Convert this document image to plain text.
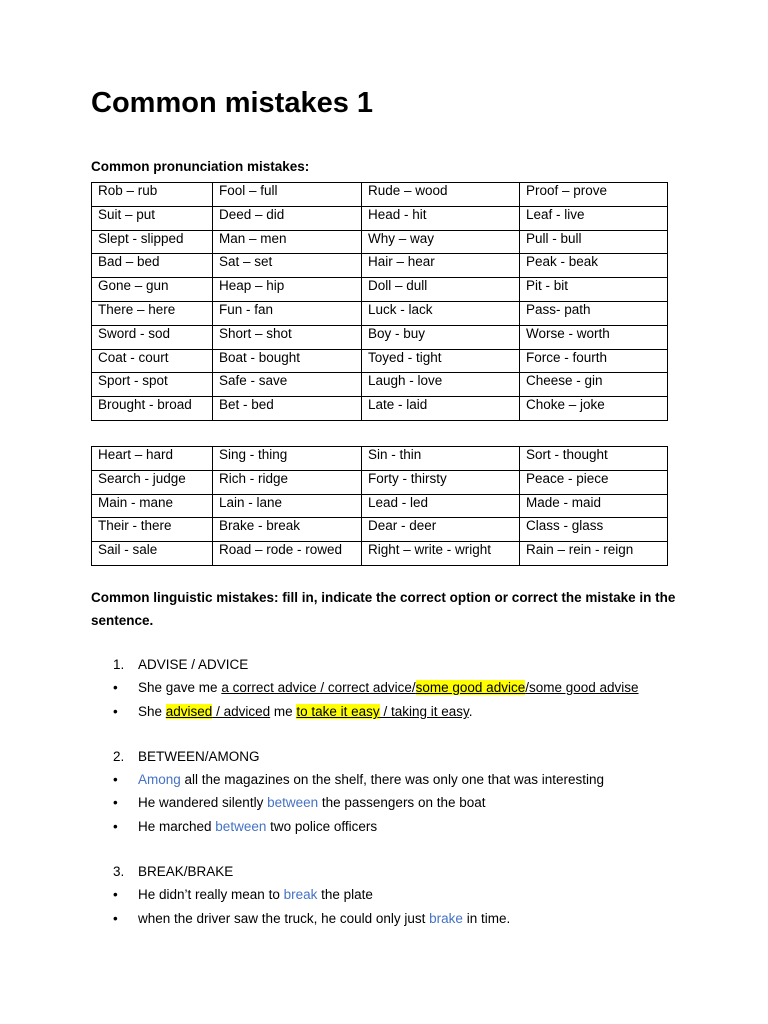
Common mistakes 1
Common pronunciation mistakes:
Rob – rub	Fool – full	Rude – wood	Proof – prove
Suit – put	Deed – did	Head - hit	Leaf - live
Slept - slipped	Man – men	Why – way	Pull - bull
Bad – bed	Sat – set	Hair – hear	Peak - beak
Gone – gun	Heap – hip	Doll – dull	Pit - bit
There – here	Fun - fan	Luck - lack	Pass- path
Sword - sod	Short – shot	Boy - buy	Worse - worth
Coat - court	Boat - bought	Toyed - tight	Force - fourth
Sport - spot	Safe - save	Laugh - love	Cheese - gin
Brought - broad	Bet - bed	Late - laid	Choke – joke
Heart – hard	Sing - thing	Sin - thin	Sort - thought
Search - judge	Rich - ridge	Forty - thirsty	Peace - piece
Main - mane	Lain - lane	Lead - led	Made - maid
Their - there	Brake - break	Dear - deer	Class - glass
Sail - sale	Road – rode - rowed	Right – write - wright	Rain – rein - reign
Common linguistic mistakes: fill in, indicate the correct option or correct the mistake in the sentence.
1. ADVISE / ADVICE
• She gave me a correct advice / correct advice/some good advice/some good advise
• She advised / adviced me to take it easy / taking it easy.
2. BETWEEN/AMONG
• Among all the magazines on the shelf, there was only one that was interesting
• He wandered silently between the passengers on the boat
• He marched between two police officers
3. BREAK/BRAKE
• He didn’t really mean to break the plate
• when the driver saw the truck, he could only just brake in time.
